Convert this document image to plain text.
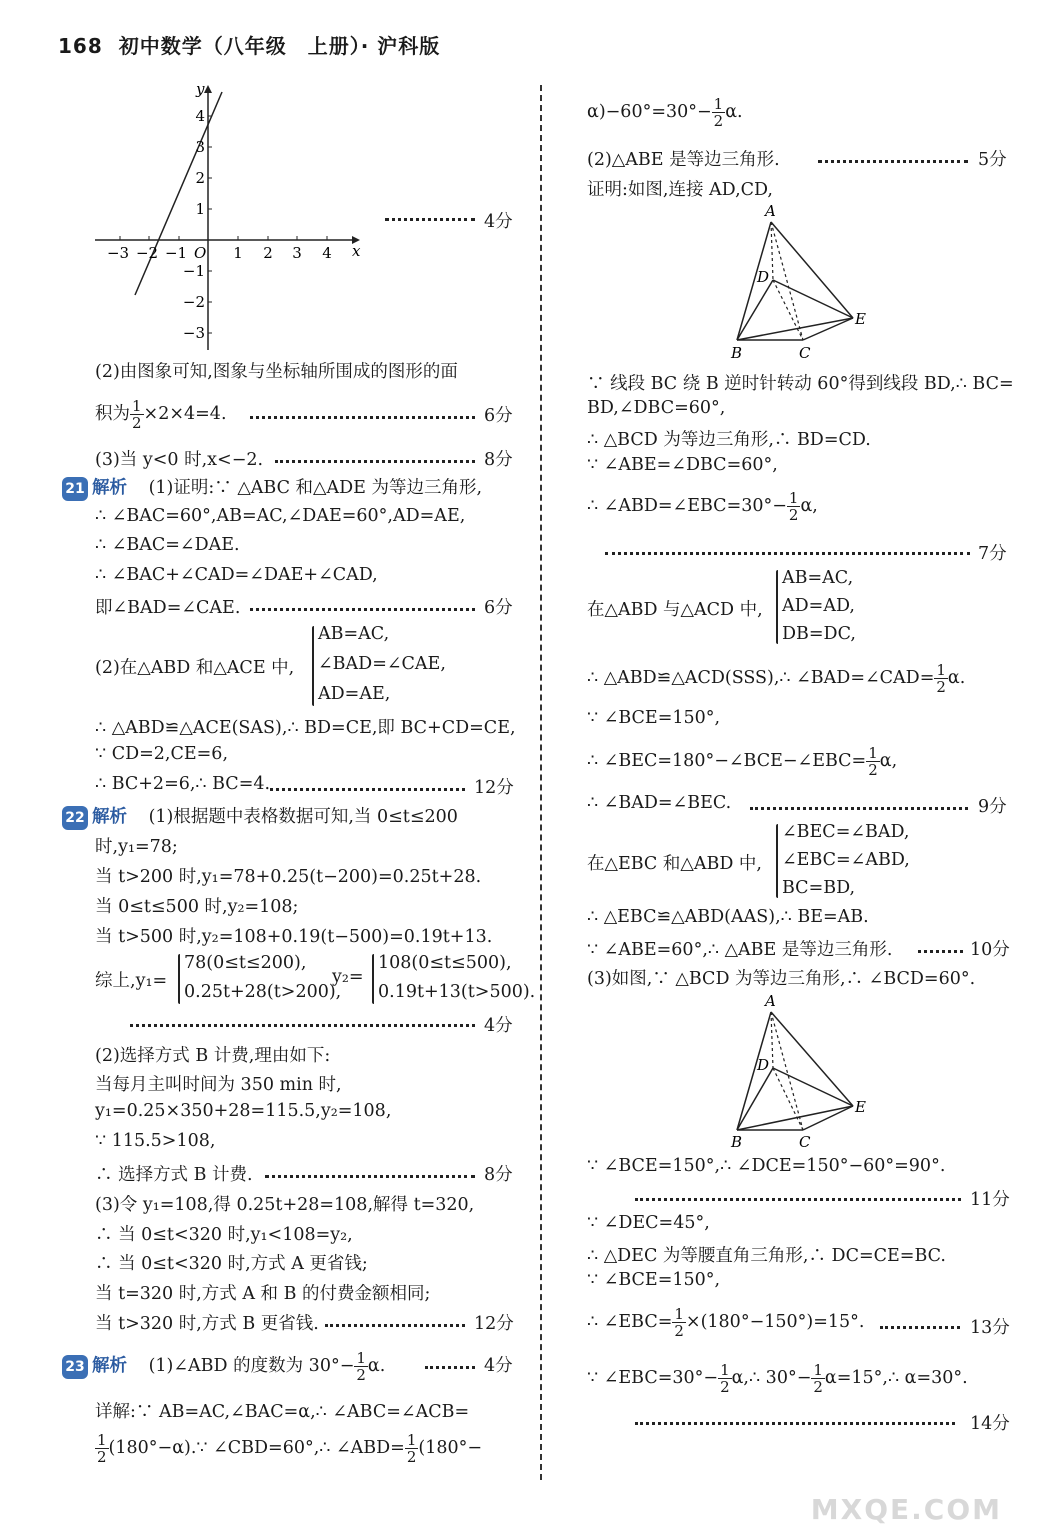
168 初中数学（八年级　上册）· 沪科版
x
y
O
−3 −2 −1	1 2 3 4
4
3
2
1
−1
−2
−3
4分
(2)由图象可知,图象与坐标轴所围成的图形的面
积为 $\frac{1}{2} \times 2\times 4=4$.	6分
(3)当 y<0 时,x<−2.	8分
21 解析 (1)证明:∵ △ABC 和△ADE 为等边三角形,
∴ ∠BAC=60°,AB=AC,∠DAE=60°,AD=AE,
∴ ∠BAC=∠DAE.
∴ ∠BAC+∠CAD=∠DAE+∠CAD,
即∠BAD=∠CAE.	6分
(2)在△ABD 和△ACE 中,
AB=AC,
∠BAD=∠CAE,
AD=AE,
∴ △ABD≌△ACE(SAS),∴ BD=CE,即 BC+CD=CE,
∵ CD=2,CE=6,
∴ BC+2=6,∴ BC=4.	12分
22 解析 (1)根据题中表格数据可知,当 0≤t≤200
时,y₁=78;
当 t>200 时,y₁=78+0.25(t−200)=0.25t+28.
当 0≤t≤500 时,y₂=108;
当 t>500 时,y₂=108+0.19(t−500)=0.19t+13.
综上,y₁=
78(0≤t≤200),
0.25t+28(t>200),
y₂=
108(0≤t≤500),
0.19t+13(t>500).
4分
(2)选择方式 B 计费,理由如下:
当每月主叫时间为 350 min 时,
y₁=0.25×350+28=115.5,y₂=108,
∵ 115.5>108,
∴ 选择方式 B 计费.	8分
(3)令 y₁=108,得 0.25t+28=108,解得 t=320,
∴ 当 0≤t<320 时,y₁<108=y₂,
∴ 当 0≤t<320 时,方式 A 更省钱;
当 t=320 时,方式 A 和 B 的付费金额相同;
当 t>320 时,方式 B 更省钱.	12分
23 解析 (1)∠ABD 的度数为 $30^\circ- \frac{1}{2} \alpha$.	4分
详解:∵ AB=AC,∠BAC=α,∴ ∠ABC=∠ACB=
$\frac{1}{2}$ (180°−α).∵ ∠CBD=60°,∴ ∠ABD= $\frac{1}{2} (180^\circ-$
$\alpha)-60^\circ=30^\circ- \frac{1}{2} \alpha$.
(2)△ABE 是等边三角形.	5分
证明:如图,连接 AD,CD,
A
D
E
B	C
∵ 线段 BC 绕 B 逆时针转动 60°得到线段 BD,∴ BC=
BD,∠DBC=60°,
∴ △BCD 为等边三角形,∴ BD=CD.
∵ ∠ABE=∠DBC=60°,
∴ ∠ABD=∠EBC=30°− $\frac{1}{2} \alpha$,
7分
在△ABD 与△ACD 中,
AB=AC,
AD=AD,
DB=DC,
∴ △ABD≌△ACD(SSS),∴ ∠BAD=∠CAD= $\frac{1}{2} \alpha$.
∵ ∠BCE=150°,
∴ ∠BEC=180°−∠BCE−∠EBC= $\frac{1}{2} \alpha$,
∴ ∠BAD=∠BEC.	9分
在△EBC 和△ABD 中,
∠BEC=∠BAD,
∠EBC=∠ABD,
BC=BD,
∴ △EBC≌△ABD(AAS),∴ BE=AB.
∵ ∠ABE=60°,∴ △ABE 是等边三角形.	10分
(3)如图,∵ △BCD 为等边三角形,∴ ∠BCD=60°.
A
D
E
B	C
∵ ∠BCE=150°,∴ ∠DCE=150°−60°=90°.
11分
∵ ∠DEC=45°,
∴ △DEC 为等腰直角三角形,∴ DC=CE=BC.
∵ ∠BCE=150°,
∴ ∠EBC= $\frac{1}{2} \times(180^\circ-150^\circ)=15^\circ$.	13分
∵ ∠EBC=30°− $\frac{1}{2}$ α,∴ $30^\circ- \frac{1}{2}$ α=15°,∴ α=30°.
14分
MXQE.COM
